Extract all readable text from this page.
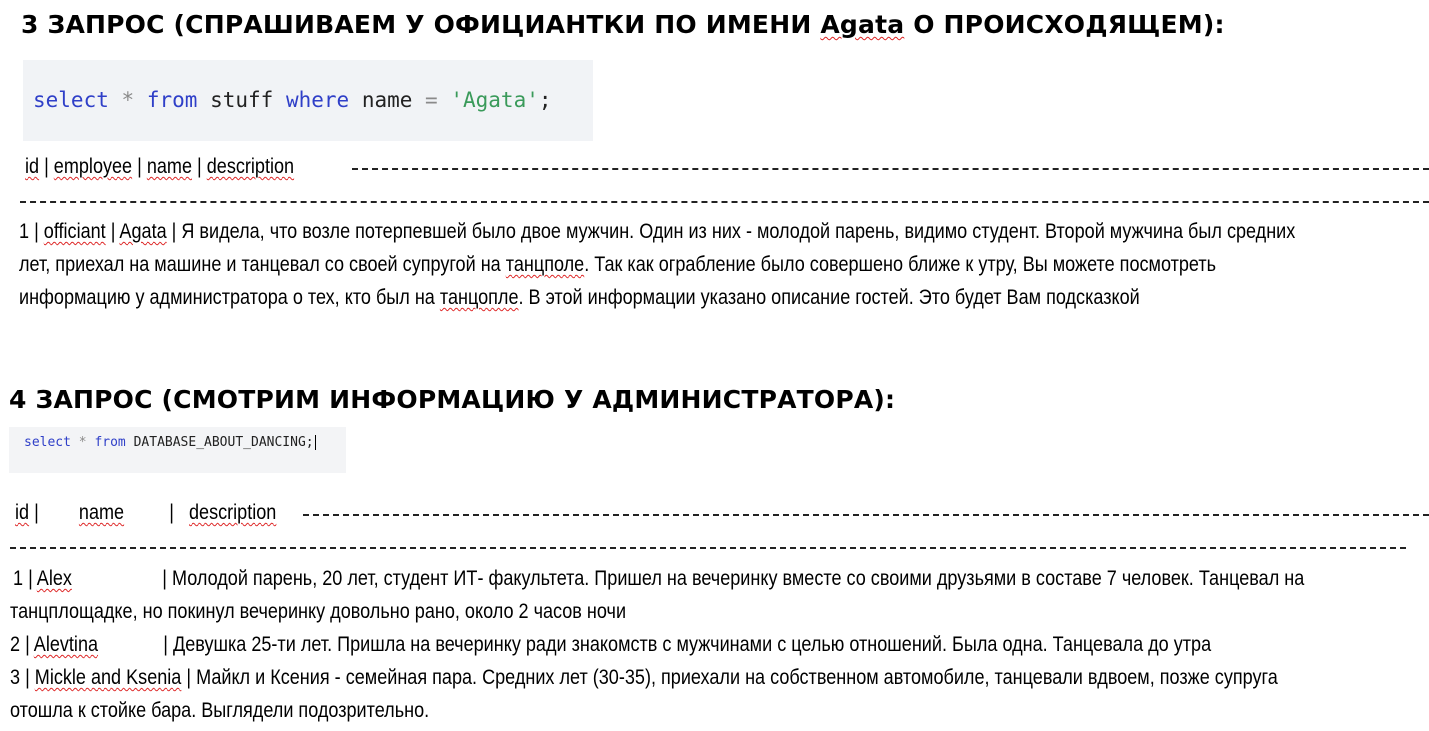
3 ЗАПРОС (СПРАШИВАЕМ У ОФИЦИАНТКИ ПО ИМЕНИ Agata О ПРОИСХОДЯЩЕМ):
select * from stuff where name = 'Agata';

id | employee | name | description

1 | officiant | Agata | Я видела, что возле потерпевшей было двое мужчин. Один из них - молодой парень, видимо студент. Второй мужчина был средних

лет, приехал на машине и танцевал со своей супругой на танцполе. Так как ограбление было совершено ближе к утру, Вы можете посмотреть

информацию у администратора о тех, кто был на танцопле. В этой информации указано описание гостей. Это будет Вам подсказкой

4 ЗАПРОС (СМОТРИМ ИНФОРМАЦИЮ У АДМИНИСТРАТОРА):
select * from DATABASE_ABOUT_DANCING;

id |        name         |   description

1 | Alex                  | Молодой парень, 20 лет, студент ИТ- факультета. Пришел на вечеринку вместе со своими друзьями в составе 7 человек. Танцевал на

танцплощадке, но покинул вечеринку довольно рано, около 2 часов ночи

2 | Alevtina             | Девушка 25-ти лет. Пришла на вечеринку ради знакомств с мужчинами с целью отношений. Была одна. Танцевала до утра

3 | Mickle and Ksenia | Майкл и Ксения - семейная пара. Средних лет (30-35), приехали на собственном автомобиле, танцевали вдвоем, позже супруга

отошла к стойке бара. Выглядели подозрительно.
